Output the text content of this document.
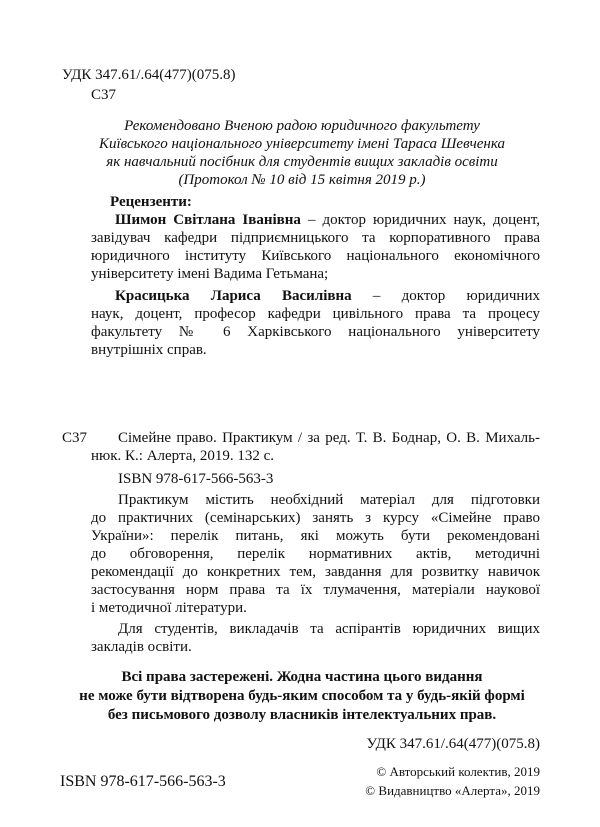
УДК 347.61/.64(477)(075.8)
С37
Рекомендовано Вченою радою юридичного факультету
Київського національного університету імені Тараса Шевченка
як навчальний посібник для студентів вищих закладів освіти
(Протокол № 10 від 15 квітня 2019 р.)
Рецензенти:
Шимон Світлана Іванівна – доктор юридичних наук, доцент,
завідувач кафедри підприємницького та корпоративного права
юридичного інституту Київського національного економічного
університету імені Вадима Гетьмана;
Красицька Лариса Василівна – доктор юридичних
наук, доцент, професор кафедри цивільного права та процесу
факультету № 6 Харківського національного університету
внутрішніх справ.
С37 Сімейне право. Практикум / за ред. Т. В. Боднар, О. В. Михаль-
нюк. К.: Алерта, 2019. 132 с.
ISBN 978-617-566-563-3
Практикум містить необхідний матеріал для підготовки
до практичних (семінарських) занять з курсу «Сімейне право
України»: перелік питань, які можуть бути рекомендовані
до обговорення, перелік нормативних актів, методичні
рекомендації до конкретних тем, завдання для розвитку навичок
застосування норм права та їх тлумачення, матеріали наукової
і методичної літератури.
Для студентів, викладачів та аспірантів юридичних вищих
закладів освіти.
Всі права застережені. Жодна частина цього видання
не може бути відтворена будь-яким способом та у будь-якій формі
без письмового дозволу власників інтелектуальних прав.
УДК 347.61/.64(477)(075.8)
© Авторський колектив, 2019
© Видавництво «Алерта», 2019
ISBN 978-617-566-563-3
